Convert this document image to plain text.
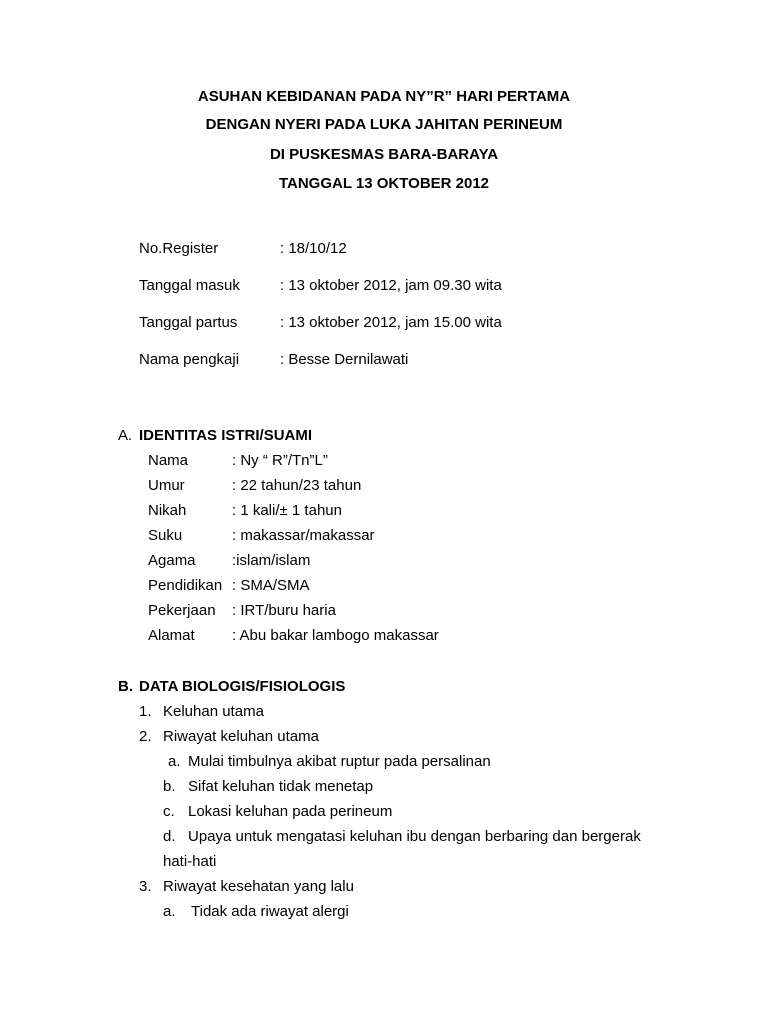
ASUHAN KEBIDANAN PADA NY”R” HARI PERTAMA
DENGAN NYERI PADA LUKA JAHITAN PERINEUM
DI PUSKESMAS BARA-BARAYA
TANGGAL 13 OKTOBER 2012
No.Register	: 18/10/12
Tanggal masuk	: 13 oktober 2012, jam 09.30 wita
Tanggal partus	: 13 oktober 2012, jam 15.00 wita
Nama pengkaji	: Besse Dernilawati
A. IDENTITAS ISTRI/SUAMI
Nama	: Ny “ R”/Tn”L”
Umur	: 22 tahun/23 tahun
Nikah	: 1 kali/± 1 tahun
Suku	: makassar/makassar
Agama :islam/islam
Pendidikan : SMA/SMA
Pekerjaan : IRT/buru haria
Alamat : Abu bakar lambogo makassar
B. DATA BIOLOGIS/FISIOLOGIS
1. Keluhan utama
2. Riwayat keluhan utama
a. Mulai timbulnya akibat ruptur pada persalinan
b. Sifat keluhan tidak menetap
c. Lokasi keluhan pada perineum
d. Upaya untuk mengatasi keluhan ibu dengan berbaring dan bergerak
hati-hati
3. Riwayat kesehatan yang lalu
a. Tidak ada riwayat alergi
